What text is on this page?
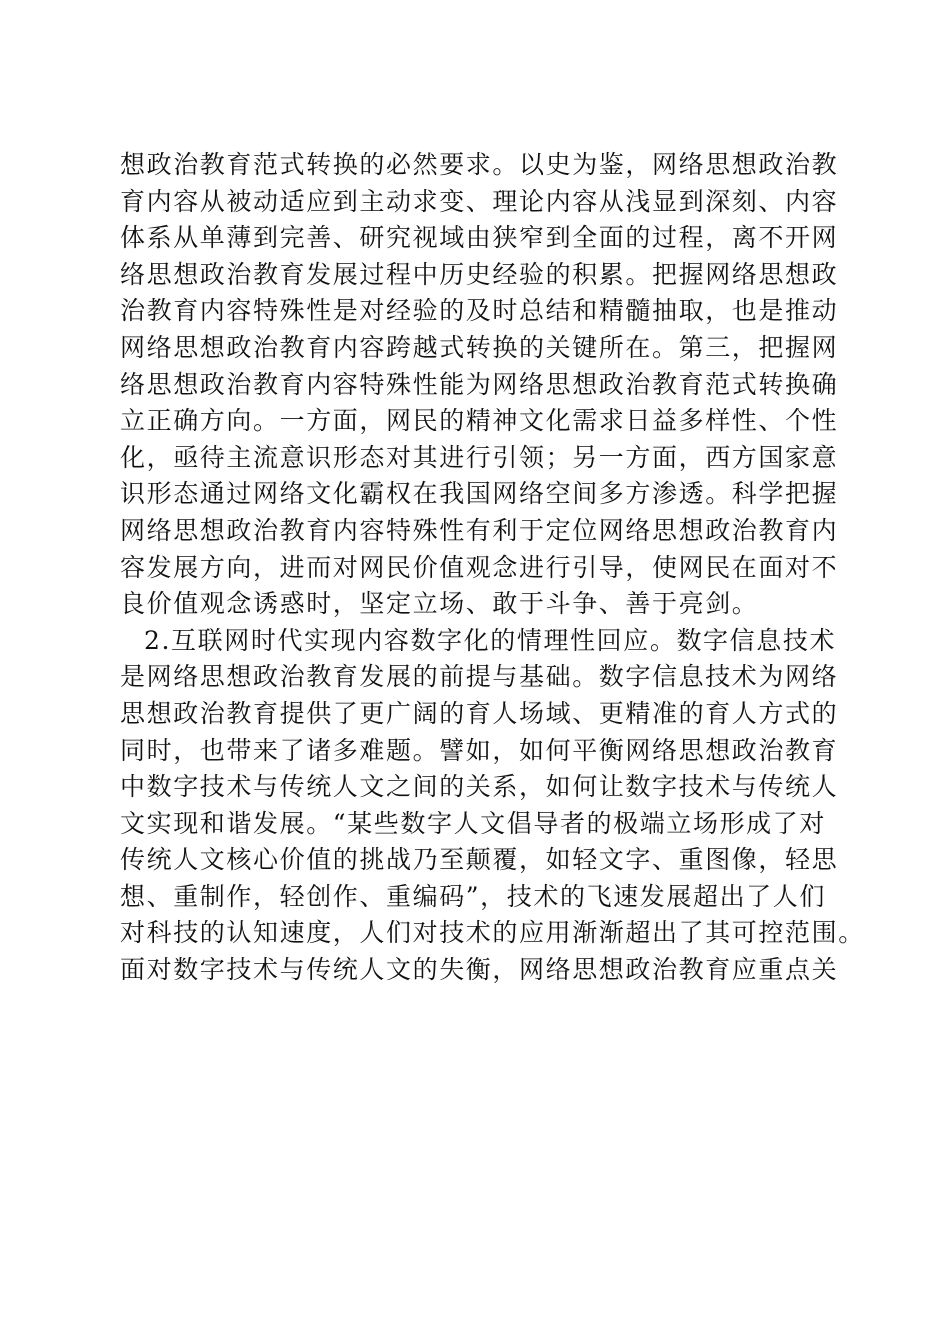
想政治教育范式转换的必然要求。以史为鉴，网络思想政治教
育内容从被动适应到主动求变、理论内容从浅显到深刻、内容
体系从单薄到完善、研究视域由狭窄到全面的过程，离不开网
络思想政治教育发展过程中历史经验的积累。把握网络思想政
治教育内容特殊性是对经验的及时总结和精髓抽取，也是推动
网络思想政治教育内容跨越式转换的关键所在。第三，把握网
络思想政治教育内容特殊性能为网络思想政治教育范式转换确
立正确方向。一方面，网民的精神文化需求日益多样性、个性
化，亟待主流意识形态对其进行引领；另一方面，西方国家意
识形态通过网络文化霸权在我国网络空间多方渗透。科学把握
网络思想政治教育内容特殊性有利于定位网络思想政治教育内
容发展方向，进而对网民价值观念进行引导，使网民在面对不
良价值观念诱惑时，坚定立场、敢于斗争、善于亮剑。
2.互联网时代实现内容数字化的情理性回应。数字信息技术
是网络思想政治教育发展的前提与基础。数字信息技术为网络
思想政治教育提供了更广阔的育人场域、更精准的育人方式的
同时，也带来了诸多难题。譬如，如何平衡网络思想政治教育
中数字技术与传统人文之间的关系，如何让数字技术与传统人
文实现和谐发展。“某些数字人文倡导者的极端立场形成了对
传统人文核心价值的挑战乃至颠覆，如轻文字、重图像，轻思
想、重制作，轻创作、重编码”，技术的飞速发展超出了人们
对科技的认知速度，人们对技术的应用渐渐超出了其可控范围。
面对数字技术与传统人文的失衡，网络思想政治教育应重点关
